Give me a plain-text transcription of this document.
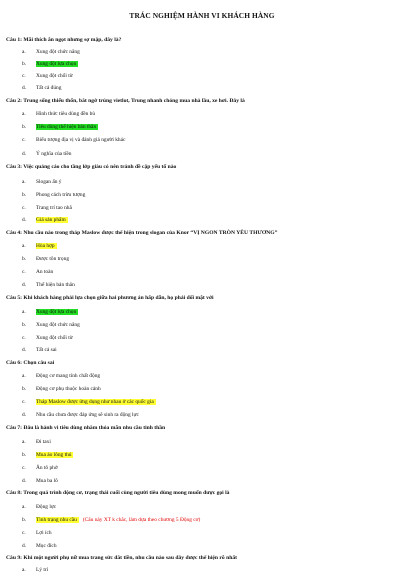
TRÁC NGHIỆM HÀNH VI KHÁCH HÀNG
Câu 1: Mãi thích ăn ngọt nhưng sợ mập, đây là?
a. Xung đột chức năng
b. Xung đột lựa chọn
c. Xung đột chối từ
d. Tất cả đúng
Câu 2: Trung sống thiếu thốn, bắt ngờ trúng vietlot, Trung nhanh chóng mua nhà lầu, xe hơi. Đây là
a. Hình thức tiêu dùng đền bù
b. Tiêu dùng thể hiện bản thân
c. Biểu tượng địa vị và đánh giá người khác
d. Ý nghĩa của tiền
Câu 3: Việc quảng cáo cho tầng lớp giàu có nên tránh đề cập yếu tố nào
a. Slogan ấn ý
b. Phong cách trừu tượng
c. Trang trí tao nhã
d. Giá sản phẩm
Câu 4: Nhu cầu nào trong tháp Maslow được thể hiện trong slogan của Knor “VỊ NGON TRÒN YÊU THƯƠNG”
a. Hòa hợp
b. Được tôn trọng
c. An toàn
d. Thể hiện bản thân
Câu 5: Khi khách hàng phải lựa chọn giữa hai phương án hấp dẫn, họ phải đối mặt với
a. Xung đột lựa chọn
b. Xung đột chức năng
c. Xung đột chối từ
d. Tất cả sai
Câu 6: Chọn câu sai
a. Động cơ mang tính chất động
b. Động cơ phụ thuộc hoàn cảnh
c. Tháp Maslow được ứng dụng như nhau ở các quốc gia
d. Nhu cầu chưa được đáp ứng sẽ sinh ra động lực
Câu 7: Đâu là hành vi tiêu dùng nhằm thỏa mãn nhu cầu tinh thần
a. Đi taxi
b. Mua áo lông thú
c. Ăn tô phở
d. Mua ba lô
Câu 8: Trong quá trình động cơ, trạng thái cuối cùng người tiêu dùng mong muốn được gọi là
a. Động lực
b. Tình trạng nhu cầu (Câu này XT k chắc, làm dựa theo chương 5 Động cơ)
c. Lợi ích
d. Mục đích
Câu 9: Khi một người phụ nữ mua trang sức đắt tiền, nhu cầu nào sau đây được thể hiện rõ nhất
a. Lý trí
